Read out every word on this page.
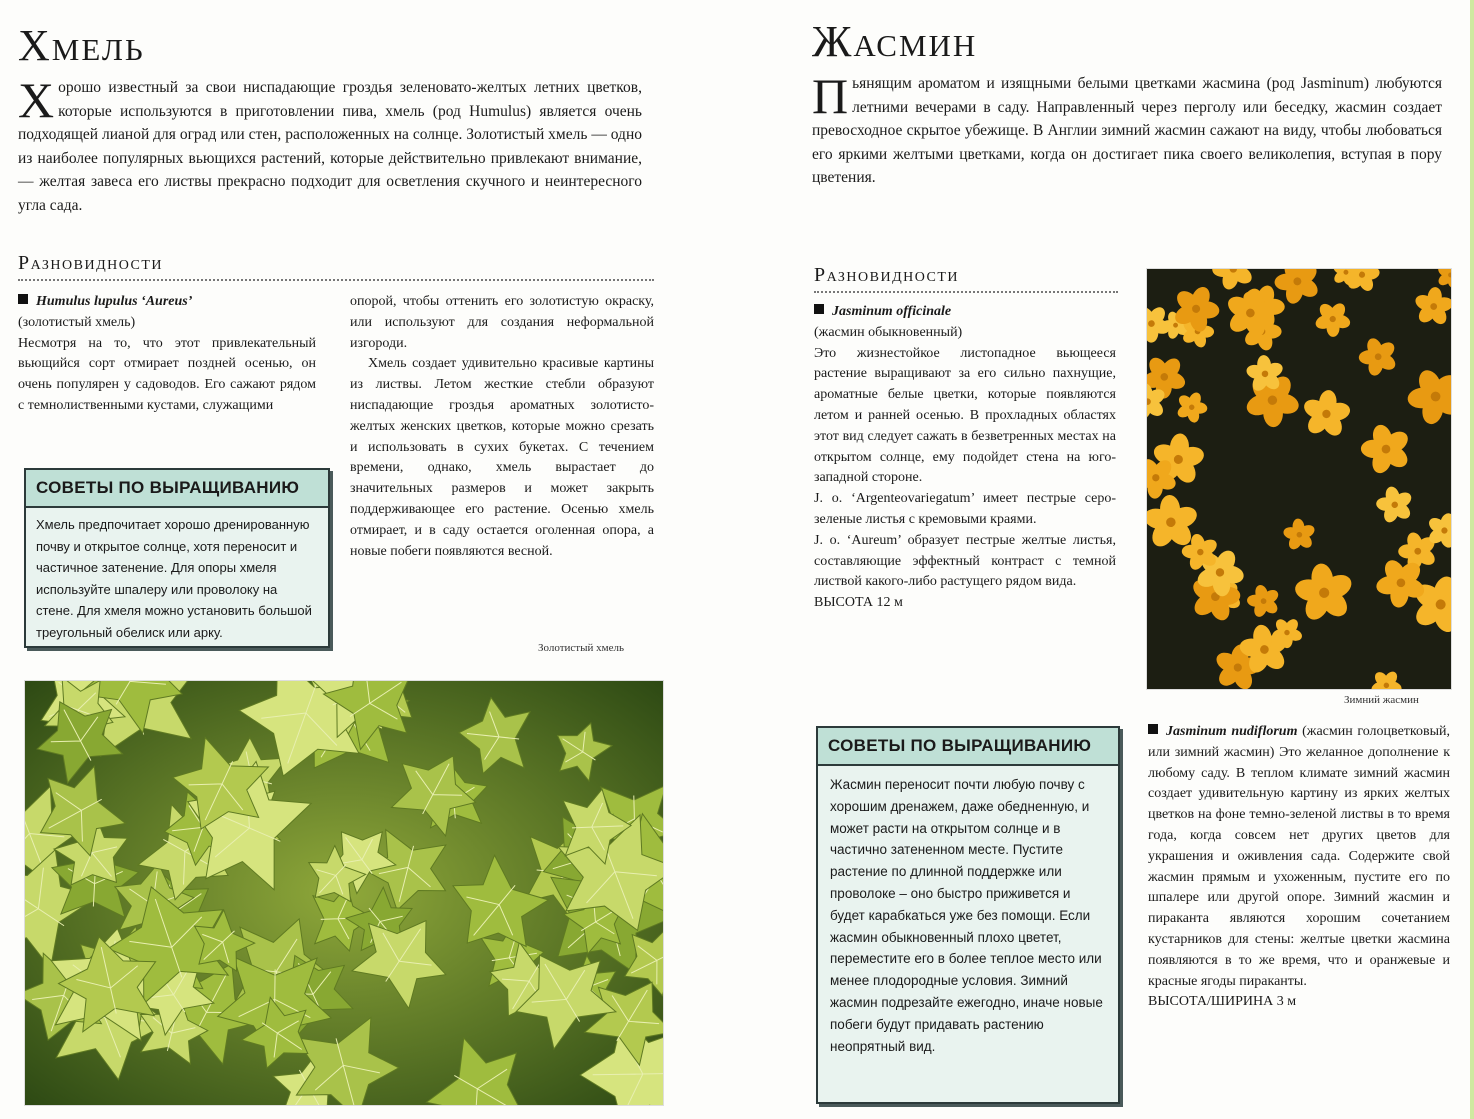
Хмель
Хорошо известный за свои ниспадающие гроздья зеленовато-желтых летних цветков, которые используются в приготовлении пива, хмель (род Humulus) является очень подходящей лианой для оград или стен, расположенных на солнце. Золотистый хмель — одно из наиболее популярных вьющихся растений, которые действительно привлекают внимание, — желтая завеса его листвы прекрасно подходит для осветления скучного и неинтересного угла сада.
Разновидности
Humulus lupulus ‘Aureus’
(золотистый хмель)
Несмотря на то, что этот привлекательный вьющийся сорт отмирает поздней осенью, он очень популярен у садоводов. Его сажают рядом с темнолиственными кустами, служащими
опорой, чтобы оттенить его золотистую окраску, или используют для создания неформальной изгороди.
Хмель создает удивительно красивые картины из листвы. Летом жесткие стебли образуют ниспадающие гроздья ароматных золотисто-желтых женских цветков, которые можно срезать и использовать в сухих букетах. С течением времени, однако, хмель вырастает до значительных размеров и может закрыть поддерживающее его растение. Осенью хмель отмирает, и в саду остается оголенная опора, а новые побеги появляются весной.
СОВЕТЫ ПО ВЫРАЩИВАНИЮ
Хмель предпочитает хорошо дренированную почву и открытое солнце, хотя переносит и частичное затенение. Для опоры хмеля используйте шпалеру или проволоку на стене. Для хмеля можно установить большой треугольный обелиск или арку.
Золотистый хмель
Жасмин
Пьянящим ароматом и изящными белыми цветками жасмина (род Jasminum) любуются летними вечерами в саду. Направленный через перголу или беседку, жасмин создает превосходное скрытое убежище. В Англии зимний жасмин сажают на виду, чтобы любоваться его яркими желтыми цветками, когда он достигает пика своего великолепия, вступая в пору цветения.
Разновидности
Jasminum officinale
(жасмин обыкновенный)
Это жизнестойкое листопадное вьющееся растение выращивают за его сильно пахнущие, ароматные белые цветки, которые появляются летом и ранней осенью. В прохладных областях этот вид следует сажать в безветренных местах на открытом солнце, ему подойдет стена на юго-западной стороне.
J. o. ‘Argenteovariegatum’ имеет пестрые серо-зеленые листья с кремовыми краями.
J. o. ‘Aureum’ образует пестрые желтые листья, составляющие эффектный контраст с темной листвой какого-либо растущего рядом вида.
ВЫСОТА 12 м
Зимний жасмин
СОВЕТЫ ПО ВЫРАЩИВАНИЮ
Жасмин переносит почти любую почву с хорошим дренажем, даже обедненную, и может расти на открытом солнце и в частично затененном месте. Пустите растение по длинной поддержке или проволоке – оно быстро приживется и будет карабкаться уже без помощи. Если жасмин обыкновенный плохо цветет, переместите его в более теплое место или менее плодородные условия. Зимний жасмин подрезайте ежегодно, иначе новые побеги будут придавать растению неопрятный вид.
Jasminum nudiflorum (жасмин голоцветковый, или зимний жасмин) Это желанное дополнение к любому саду. В теплом климате зимний жасмин создает удивительную картину из ярких желтых цветков на фоне темно-зеленой листвы в то время года, когда совсем нет других цветов для украшения и оживления сада. Содержите свой жасмин прямым и ухоженным, пустите его по шпалере или другой опоре. Зимний жасмин и пираканта являются хорошим сочетанием кустарников для стены: желтые цветки жасмина появляются в то же время, что и оранжевые и красные ягоды пираканты.
ВЫСОТА/ШИРИНА 3 м
